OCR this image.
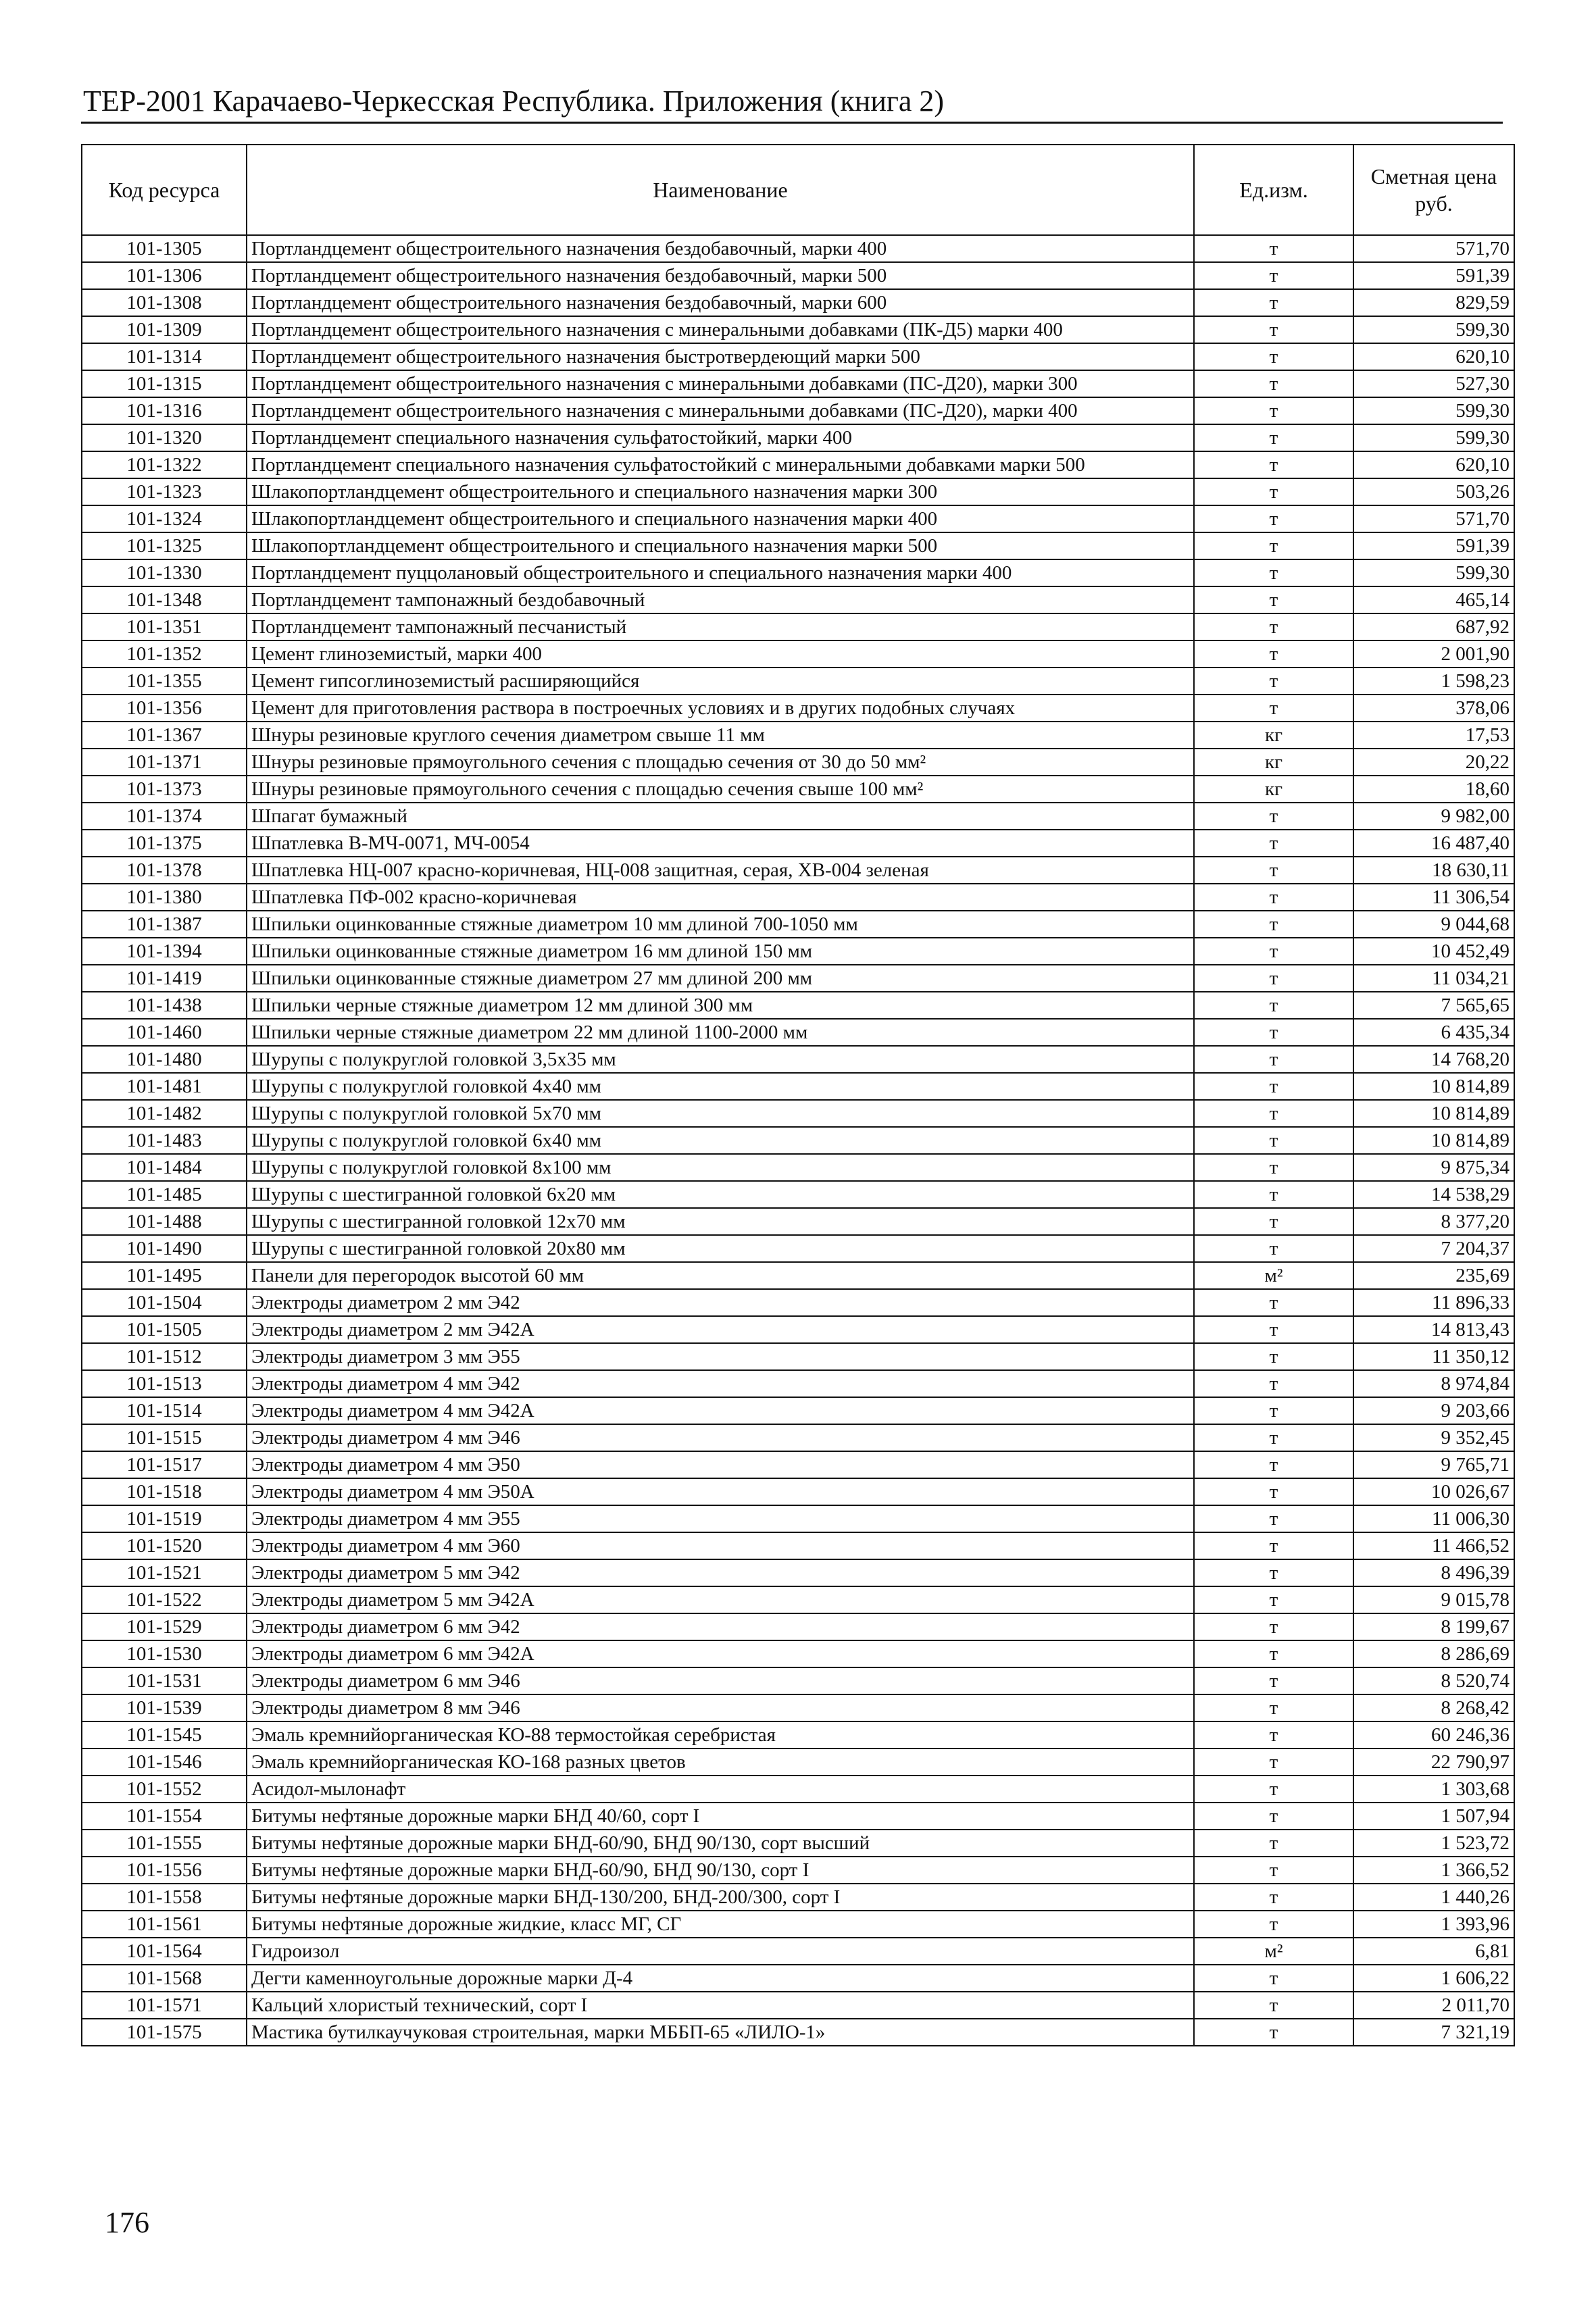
ТЕР-2001 Карачаево-Черкесская Республика. Приложения (книга 2)
Код ресурса	Наименование	Ед.изм.	Сметная цена руб.
101-1305	Портландцемент общестроительного назначения бездобавочный, марки 400	т	571,70
101-1306	Портландцемент общестроительного назначения бездобавочный, марки 500	т	591,39
101-1308	Портландцемент общестроительного назначения бездобавочный, марки 600	т	829,59
101-1309	Портландцемент общестроительного назначения с минеральными добавками (ПК-Д5) марки 400	т	599,30
101-1314	Портландцемент общестроительного назначения быстротвердеющий марки 500	т	620,10
101-1315	Портландцемент общестроительного назначения с минеральными добавками (ПС-Д20), марки 300	т	527,30
101-1316	Портландцемент общестроительного назначения с минеральными добавками (ПС-Д20), марки 400	т	599,30
101-1320	Портландцемент специального назначения сульфатостойкий, марки 400	т	599,30
101-1322	Портландцемент специального назначения сульфатостойкий с минеральными добавками марки 500	т	620,10
101-1323	Шлакопортландцемент общестроительного и специального назначения марки 300	т	503,26
101-1324	Шлакопортландцемент общестроительного и специального назначения марки 400	т	571,70
101-1325	Шлакопортландцемент общестроительного и специального назначения марки 500	т	591,39
101-1330	Портландцемент пуццолановый общестроительного и специального назначения марки 400	т	599,30
101-1348	Портландцемент тампонажный бездобавочный	т	465,14
101-1351	Портландцемент тампонажный песчанистый	т	687,92
101-1352	Цемент глиноземистый, марки 400	т	2 001,90
101-1355	Цемент гипсоглиноземистый расширяющийся	т	1 598,23
101-1356	Цемент для приготовления раствора в построечных условиях и в других подобных случаях	т	378,06
101-1367	Шнуры резиновые круглого сечения диаметром свыше 11 мм	кг	17,53
101-1371	Шнуры резиновые прямоугольного сечения с площадью сечения от 30 до 50 мм²	кг	20,22
101-1373	Шнуры резиновые прямоугольного сечения с площадью сечения свыше 100 мм²	кг	18,60
101-1374	Шпагат бумажный	т	9 982,00
101-1375	Шпатлевка В-МЧ-0071, МЧ-0054	т	16 487,40
101-1378	Шпатлевка НЦ-007 красно-коричневая, НЦ-008 защитная, серая, ХВ-004 зеленая	т	18 630,11
101-1380	Шпатлевка ПФ-002 красно-коричневая	т	11 306,54
101-1387	Шпильки оцинкованные стяжные диаметром 10 мм длиной 700-1050 мм	т	9 044,68
101-1394	Шпильки оцинкованные стяжные диаметром 16 мм длиной 150 мм	т	10 452,49
101-1419	Шпильки оцинкованные стяжные диаметром 27 мм длиной 200 мм	т	11 034,21
101-1438	Шпильки черные стяжные диаметром 12 мм длиной 300 мм	т	7 565,65
101-1460	Шпильки черные стяжные диаметром 22 мм длиной 1100-2000 мм	т	6 435,34
101-1480	Шурупы с полукруглой головкой 3,5x35 мм	т	14 768,20
101-1481	Шурупы с полукруглой головкой 4x40 мм	т	10 814,89
101-1482	Шурупы с полукруглой головкой 5x70 мм	т	10 814,89
101-1483	Шурупы с полукруглой головкой 6x40 мм	т	10 814,89
101-1484	Шурупы с полукруглой головкой 8x100 мм	т	9 875,34
101-1485	Шурупы с шестигранной головкой 6x20 мм	т	14 538,29
101-1488	Шурупы с шестигранной головкой 12x70 мм	т	8 377,20
101-1490	Шурупы с шестигранной головкой 20x80 мм	т	7 204,37
101-1495	Панели для перегородок высотой 60 мм	м²	235,69
101-1504	Электроды диаметром 2 мм Э42	т	11 896,33
101-1505	Электроды диаметром 2 мм Э42А	т	14 813,43
101-1512	Электроды диаметром 3 мм Э55	т	11 350,12
101-1513	Электроды диаметром 4 мм Э42	т	8 974,84
101-1514	Электроды диаметром 4 мм Э42А	т	9 203,66
101-1515	Электроды диаметром 4 мм Э46	т	9 352,45
101-1517	Электроды диаметром 4 мм Э50	т	9 765,71
101-1518	Электроды диаметром 4 мм Э50А	т	10 026,67
101-1519	Электроды диаметром 4 мм Э55	т	11 006,30
101-1520	Электроды диаметром 4 мм Э60	т	11 466,52
101-1521	Электроды диаметром 5 мм Э42	т	8 496,39
101-1522	Электроды диаметром 5 мм Э42А	т	9 015,78
101-1529	Электроды диаметром 6 мм Э42	т	8 199,67
101-1530	Электроды диаметром 6 мм Э42А	т	8 286,69
101-1531	Электроды диаметром 6 мм Э46	т	8 520,74
101-1539	Электроды диаметром 8 мм Э46	т	8 268,42
101-1545	Эмаль кремнийорганическая КО-88 термостойкая серебристая	т	60 246,36
101-1546	Эмаль кремнийорганическая КО-168 разных цветов	т	22 790,97
101-1552	Асидол-мылонафт	т	1 303,68
101-1554	Битумы нефтяные дорожные марки БНД 40/60, сорт I	т	1 507,94
101-1555	Битумы нефтяные дорожные марки БНД-60/90, БНД 90/130, сорт высший	т	1 523,72
101-1556	Битумы нефтяные дорожные марки БНД-60/90, БНД 90/130, сорт I	т	1 366,52
101-1558	Битумы нефтяные дорожные марки БНД-130/200, БНД-200/300, сорт I	т	1 440,26
101-1561	Битумы нефтяные дорожные жидкие, класс МГ, СГ	т	1 393,96
101-1564	Гидроизол	м²	6,81
101-1568	Дегти каменноугольные дорожные марки Д-4	т	1 606,22
101-1571	Кальций хлористый технический, сорт I	т	2 011,70
101-1575	Мастика бутилкаучуковая строительная, марки МББП-65 «ЛИЛО-1»	т	7 321,19
176
